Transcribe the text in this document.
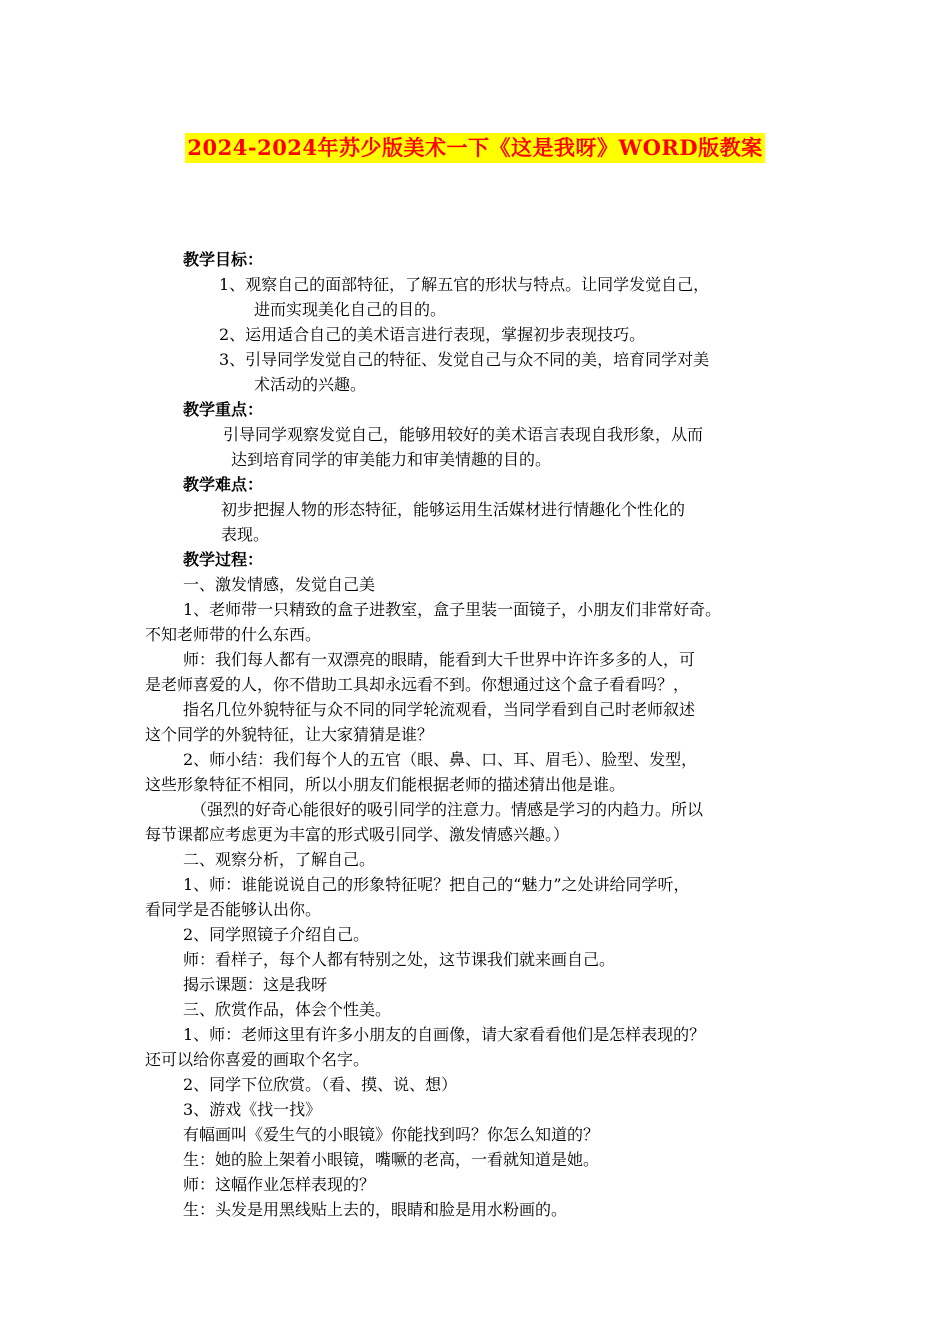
2024-2024年苏少版美术一下《这是我呀》WORD版教案
教学目标：
1、观察自己的面部特征，了解五官的形状与特点。让同学发觉自己，
进而实现美化自己的目的。
2、运用适合自己的美术语言进行表现，掌握初步表现技巧。
3、引导同学发觉自己的特征、发觉自己与众不同的美，培育同学对美
术活动的兴趣。
教学重点：
引导同学观察发觉自己，能够用较好的美术语言表现自我形象，从而
达到培育同学的审美能力和审美情趣的目的。
教学难点：
初步把握人物的形态特征，能够运用生活媒材进行情趣化个性化的
表现。
教学过程：
一、激发情感，发觉自己美
1、老师带一只精致的盒子进教室，盒子里装一面镜子，小朋友们非常好奇。
不知老师带的什么东西。
师：我们每人都有一双漂亮的眼睛，能看到大千世界中许许多多的人，可
是老师喜爱的人，你不借助工具却永远看不到。你想通过这个盒子看看吗？，
指名几位外貌特征与众不同的同学轮流观看，当同学看到自己时老师叙述
这个同学的外貌特征，让大家猜猜是谁？
2、师小结：我们每个人的五官（眼、鼻、口、耳、眉毛）、脸型、发型，
这些形象特征不相同，所以小朋友们能根据老师的描述猜出他是谁。
（强烈的好奇心能很好的吸引同学的注意力。情感是学习的内趋力。所以
每节课都应考虑更为丰富的形式吸引同学、激发情感兴趣。）
二、观察分析，了解自己。
1、师：谁能说说自己的形象特征呢？把自己的“魅力”之处讲给同学听，
看同学是否能够认出你。
2、同学照镜子介绍自己。
师：看样子，每个人都有特别之处，这节课我们就来画自己。
揭示课题：这是我呀
三、欣赏作品，体会个性美。
1、师：老师这里有许多小朋友的自画像，请大家看看他们是怎样表现的？
还可以给你喜爱的画取个名字。
2、同学下位欣赏。（看、摸、说、想）
3、游戏《找一找》
有幅画叫《爱生气的小眼镜》你能找到吗？你怎么知道的？
生：她的脸上架着小眼镜，嘴噘的老高，一看就知道是她。
师：这幅作业怎样表现的？
生：头发是用黑线贴上去的，眼睛和脸是用水粉画的。
